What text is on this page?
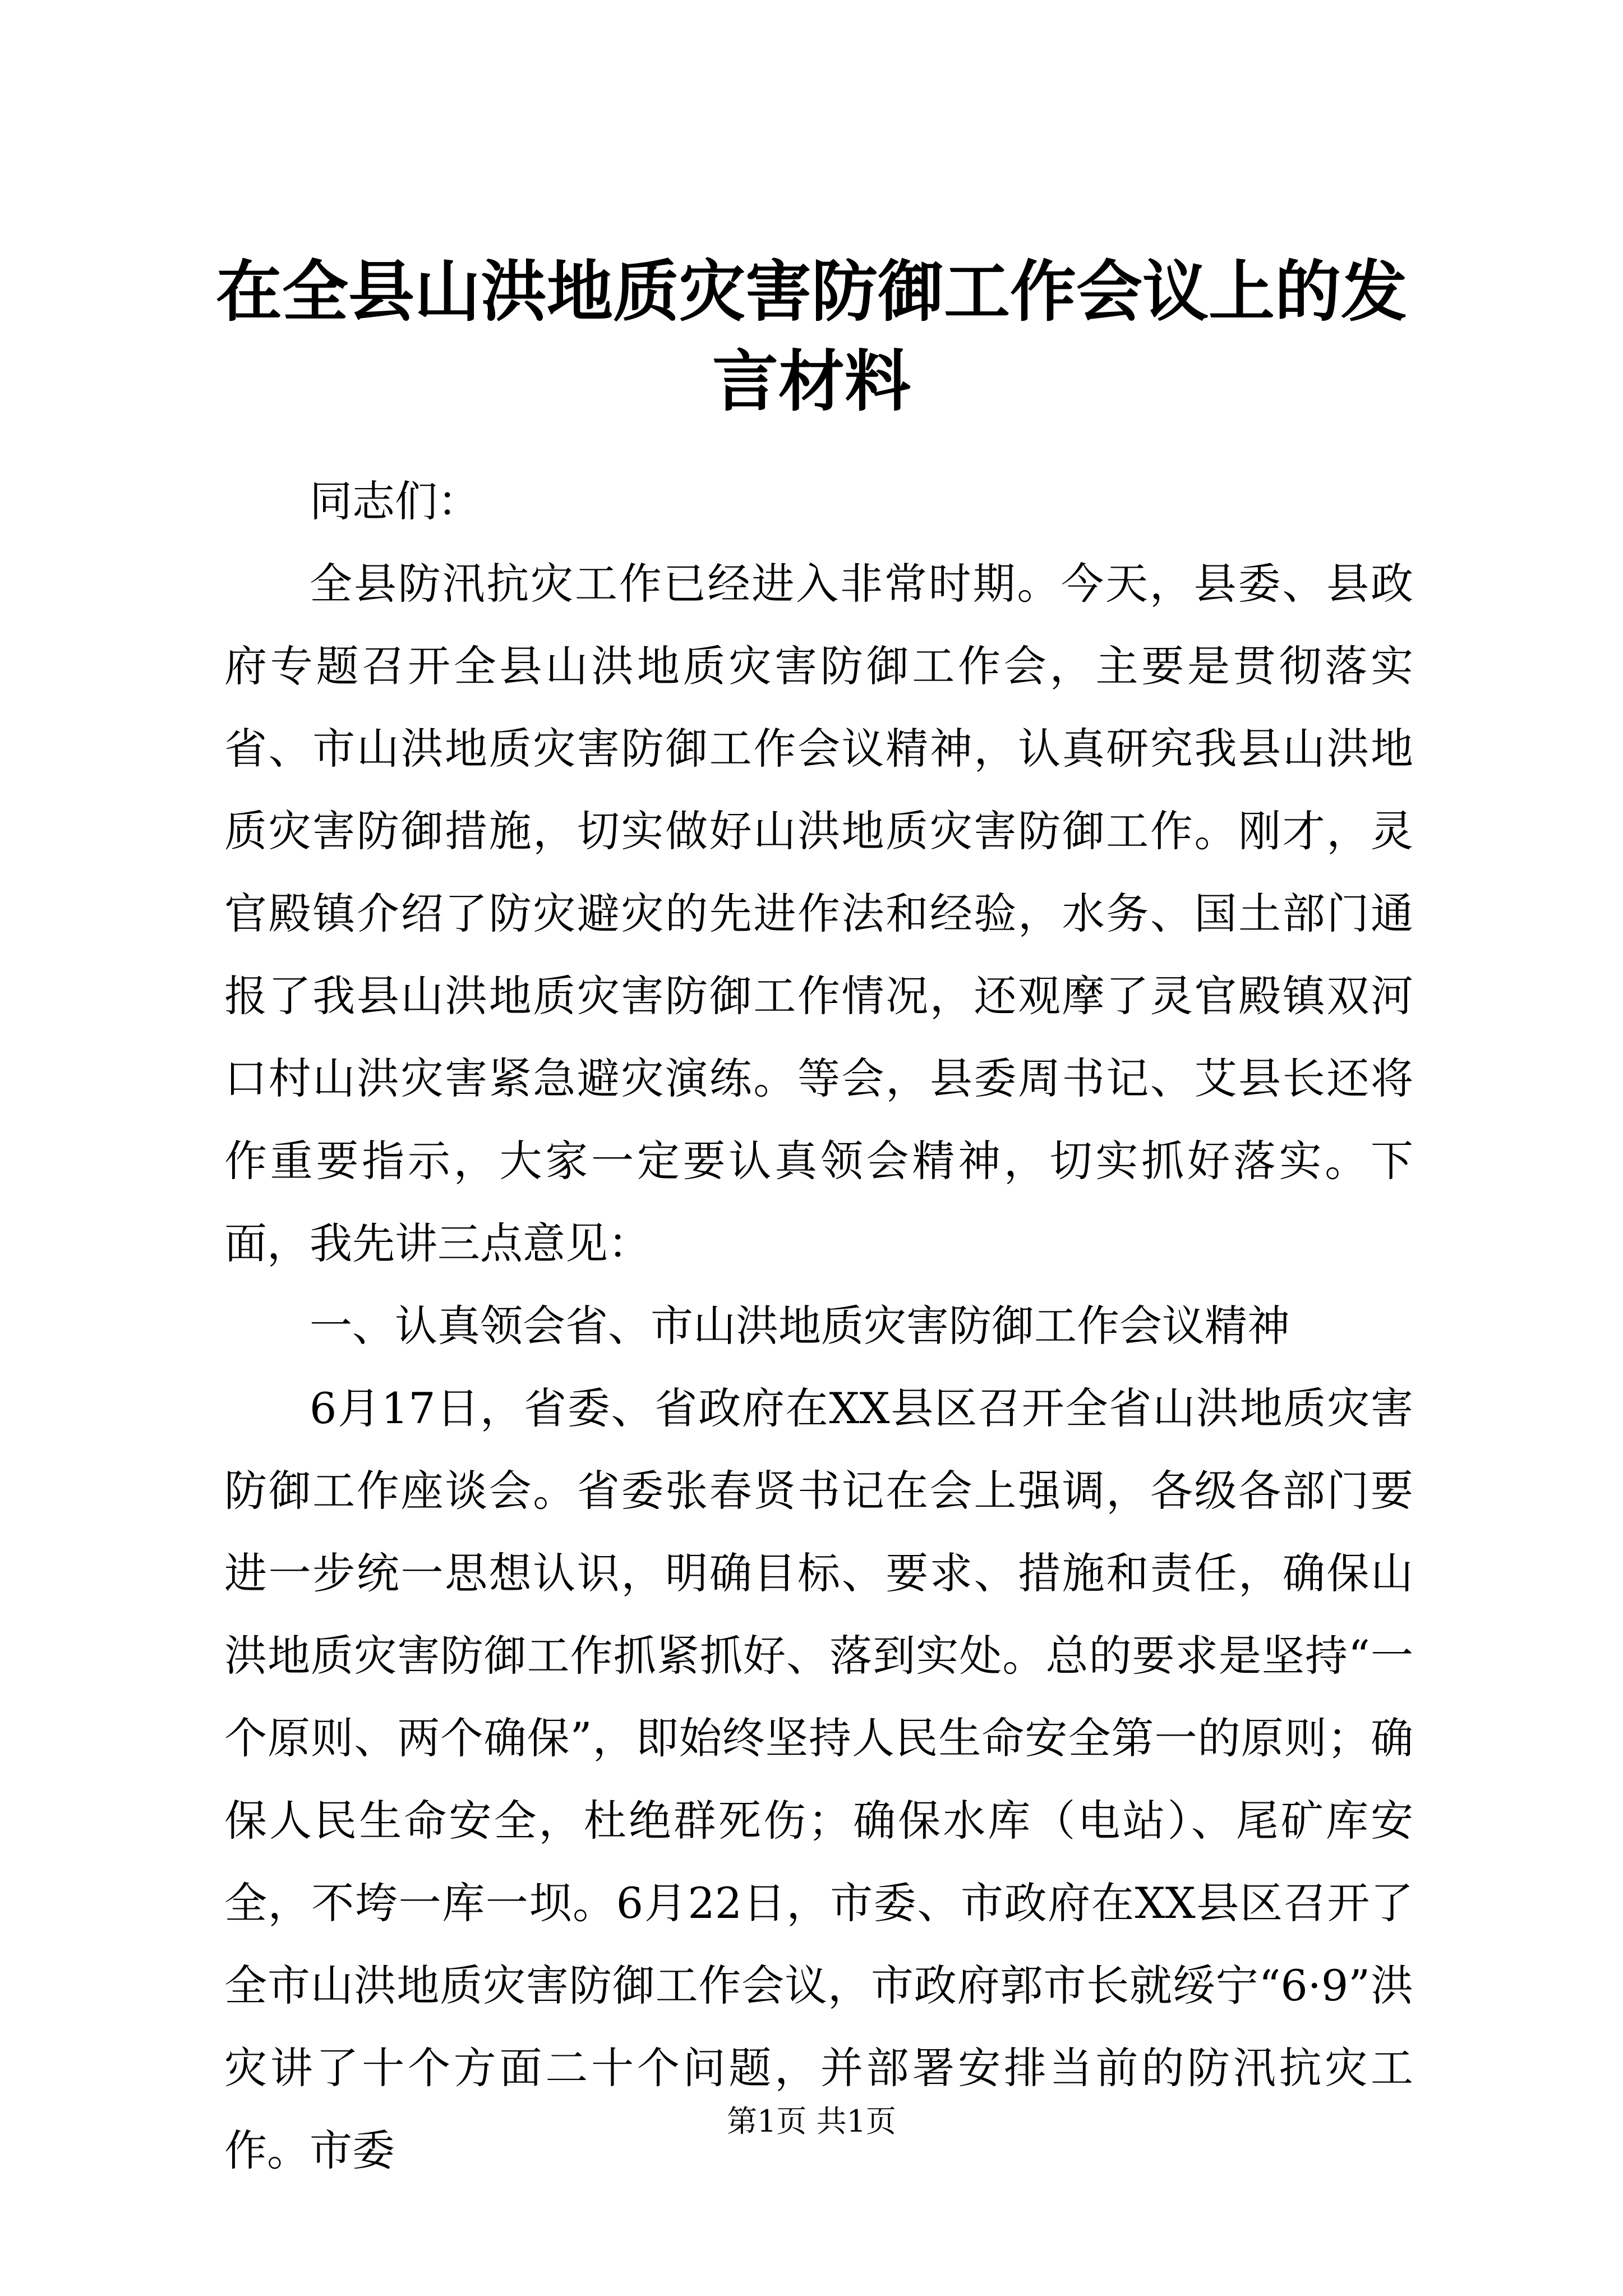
在全县山洪地质灾害防御工作会议上的发言材料

同志们：

全县防汛抗灾工作已经进入非常时期。今天，县委、县政府专题召开全县山洪地质灾害防御工作会，主要是贯彻落实省、市山洪地质灾害防御工作会议精神，认真研究我县山洪地质灾害防御措施，切实做好山洪地质灾害防御工作。刚才，灵官殿镇介绍了防灾避灾的先进作法和经验，水务、国土部门通报了我县山洪地质灾害防御工作情况，还观摩了灵官殿镇双河口村山洪灾害紧急避灾演练。等会，县委周书记、艾县长还将作重要指示，大家一定要认真领会精神，切实抓好落实。下面，我先讲三点意见：

一、认真领会省、市山洪地质灾害防御工作会议精神

6月17日，省委、省政府在XX县区召开全省山洪地质灾害防御工作座谈会。省委张春贤书记在会上强调，各级各部门要进一步统一思想认识，明确目标、要求、措施和责任，确保山洪地质灾害防御工作抓紧抓好、落到实处。总的要求是坚持“一个原则、两个确保”，即始终坚持人民生命安全第一的原则；确保人民生命安全，杜绝群死伤；确保水库（电站）、尾矿库安全，不垮一库一坝。6月22日，市委、市政府在XX县区召开了全市山洪地质灾害防御工作会议，市政府郭市长就绥宁“6·9”洪灾讲了十个方面二十个问题，并部署安排当前的防汛抗灾工作。市委

第1页 共1页
